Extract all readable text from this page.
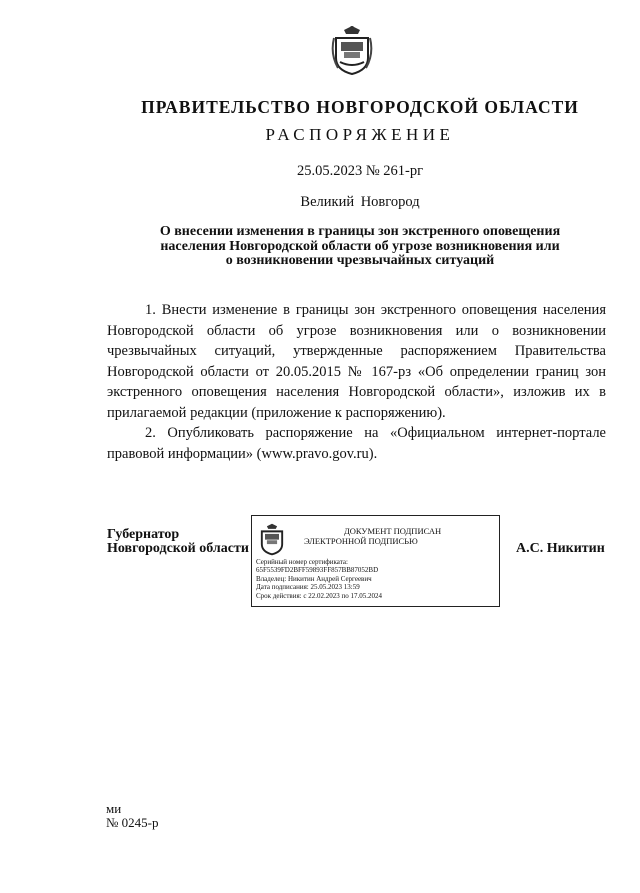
ПРАВИТЕЛЬСТВО НОВГОРОДСКОЙ ОБЛАСТИ
РАСПОРЯЖЕНИЕ
25.05.2023 № 261-рг
Великий Новгород
О внесении изменения в границы зон экстренного оповещения
населения Новгородской области об угрозе возникновения или
о возникновении чрезвычайных ситуаций

1. Внести изменение в границы зон экстренного оповещения населения Новгородской области об угрозе возникновения или о возникновении чрезвычайных ситуаций, утвержденные распоряжением Правительства Новгородской области от 20.05.2015 № 167-рз «Об определении границ зон экстренного оповещения населения Новгородской области», изложив их в прилагаемой редакции (приложение к распоряжению).

2. Опубликовать распоряжение на «Официальном интернет-портале правовой информации» (www.pravo.gov.ru).

Губернатор
Новгородской области
ДОКУМЕНТ ПОДПИСАН
ЭЛЕКТРОННОЙ ПОДПИСЬЮ
Серийный номер сертификата:
65F5539FD2BFF59893FF857BB87052BD
Владелец: Никитин Андрей Сергеевич
Дата подписания: 25.05.2023 13:59
Срок действия: с 22.02.2023 по 17.05.2024
А.С. Никитин
ми
№ 0245-р
